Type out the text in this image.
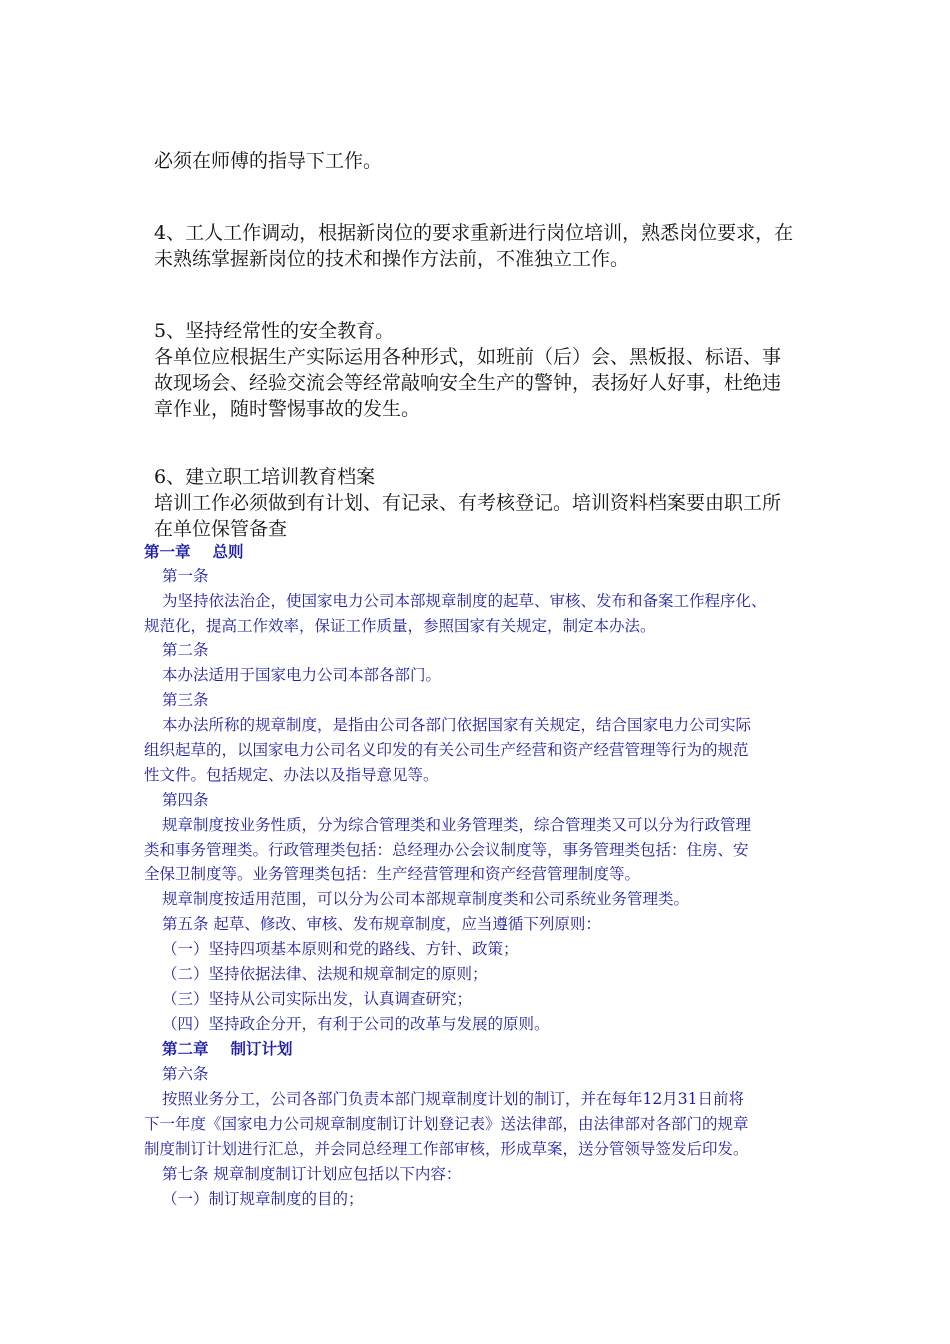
必须在师傅的指导下工作。
4、工人工作调动，根据新岗位的要求重新进行岗位培训，熟悉岗位要求，在
未熟练掌握新岗位的技术和操作方法前，不准独立工作。
5、坚持经常性的安全教育。
各单位应根据生产实际运用各种形式，如班前（后）会、黑板报、标语、事
故现场会、经验交流会等经常敲响安全生产的警钟，表扬好人好事，杜绝违
章作业，随时警惕事故的发生。
6、建立职工培训教育档案
培训工作必须做到有计划、有记录、有考核登记。培训资料档案要由职工所
在单位保管备查
第一章 总则
第一条
为坚持依法治企，使国家电力公司本部规章制度的起草、审核、发布和备案工作程序化、
规范化，提高工作效率，保证工作质量，参照国家有关规定，制定本办法。
第二条
本办法适用于国家电力公司本部各部门。
第三条
本办法所称的规章制度，是指由公司各部门依据国家有关规定，结合国家电力公司实际
组织起草的，以国家电力公司名义印发的有关公司生产经营和资产经营管理等行为的规范
性文件。包括规定、办法以及指导意见等。
第四条
规章制度按业务性质，分为综合管理类和业务管理类，综合管理类又可以分为行政管理
类和事务管理类。行政管理类包括：总经理办公会议制度等，事务管理类包括：住房、安
全保卫制度等。业务管理类包括：生产经营管理和资产经营管理制度等。
规章制度按适用范围，可以分为公司本部规章制度类和公司系统业务管理类。
第五条 起草、修改、审核、发布规章制度，应当遵循下列原则：
（一）坚持四项基本原则和党的路线、方针、政策；
（二）坚持依据法律、法规和规章制定的原则；
（三）坚持从公司实际出发，认真调查研究；
（四）坚持政企分开，有利于公司的改革与发展的原则。
第二章 制订计划
第六条
按照业务分工，公司各部门负责本部门规章制度计划的制订，并在每年12月31日前将
下一年度《国家电力公司规章制度制订计划登记表》送法律部，由法律部对各部门的规章
制度制订计划进行汇总，并会同总经理工作部审核，形成草案，送分管领导签发后印发。
第七条 规章制度制订计划应包括以下内容：
（一）制订规章制度的目的；
